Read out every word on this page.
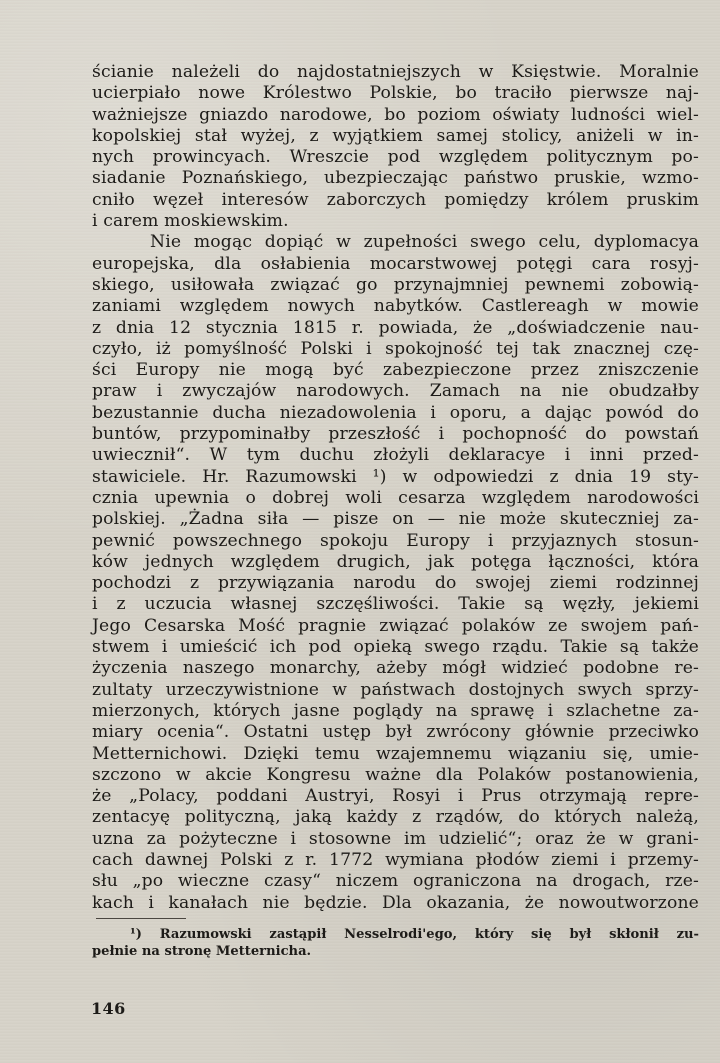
ścianie należeli do najdostatniejszych w Księstwie. Moralnie
ucierpiało nowe Królestwo Polskie, bo traciło pierwsze naj-
ważniejsze gniazdo narodowe, bo poziom oświaty ludności wiel-
kopolskiej stał wyżej, z wyjątkiem samej stolicy, aniżeli w in-
nych prowincyach. Wreszcie pod względem politycznym po-
siadanie Poznańskiego, ubezpieczając państwo pruskie, wzmo-
cniło węzeł interesów zaborczych pomiędzy królem pruskim
i carem moskiewskim.
Nie mogąc dopiąć w zupełności swego celu, dyplomacya
europejska, dla osłabienia mocarstwowej potęgi cara rosyj-
skiego, usiłowała związać go przynajmniej pewnemi zobowią-
zaniami względem nowych nabytków. Castlereagh w mowie
z dnia 12 stycznia 1815 r. powiada, że „doświadczenie nau-
czyło, iż pomyślność Polski i spokojność tej tak znacznej czę-
ści Europy nie mogą być zabezpieczone przez zniszczenie
praw i zwyczajów narodowych. Zamach na nie obudzałby
bezustannie ducha niezadowolenia i oporu, a dając powód do
buntów, przypominałby przeszłość i pochopność do powstań
uwiecznił“. W tym duchu złożyli deklaracye i inni przed-
stawiciele. Hr. Razumowski ¹) w odpowiedzi z dnia 19 sty-
cznia upewnia o dobrej woli cesarza względem narodowości
polskiej. „Żadna siła — pisze on — nie może skuteczniej za-
pewnić powszechnego spokoju Europy i przyjaznych stosun-
ków jednych względem drugich, jak potęga łączności, która
pochodzi z przywiązania narodu do swojej ziemi rodzinnej
i z uczucia własnej szczęśliwości. Takie są węzły, jekiemi
Jego Cesarska Mość pragnie związać polaków ze swojem pań-
stwem i umieścić ich pod opieką swego rządu. Takie są także
życzenia naszego monarchy, ażeby mógł widzieć podobne re-
zultaty urzeczywistnione w państwach dostojnych swych sprzy-
mierzonych, których jasne poglądy na sprawę i szlachetne za-
miary ocenia“. Ostatni ustęp był zwrócony głównie przeciwko
Metternichowi. Dzięki temu wzajemnemu wiązaniu się, umie-
szczono w akcie Kongresu ważne dla Polaków postanowienia,
że „Polacy, poddani Austryi, Rosyi i Prus otrzymają repre-
zentacyę polityczną, jaką każdy z rządów, do których należą,
uzna za pożyteczne i stosowne im udzielić“; oraz że w grani-
cach dawnej Polski z r. 1772 wymiana płodów ziemi i przemy-
słu „po wieczne czasy“ niczem ograniczona na drogach, rze-
kach i kanałach nie będzie. Dla okazania, że nowoutworzone
¹) Razumowski zastąpił Nesselrodi'ego, który się był skłonił zu-
pełnie na stronę Metternicha.
146
